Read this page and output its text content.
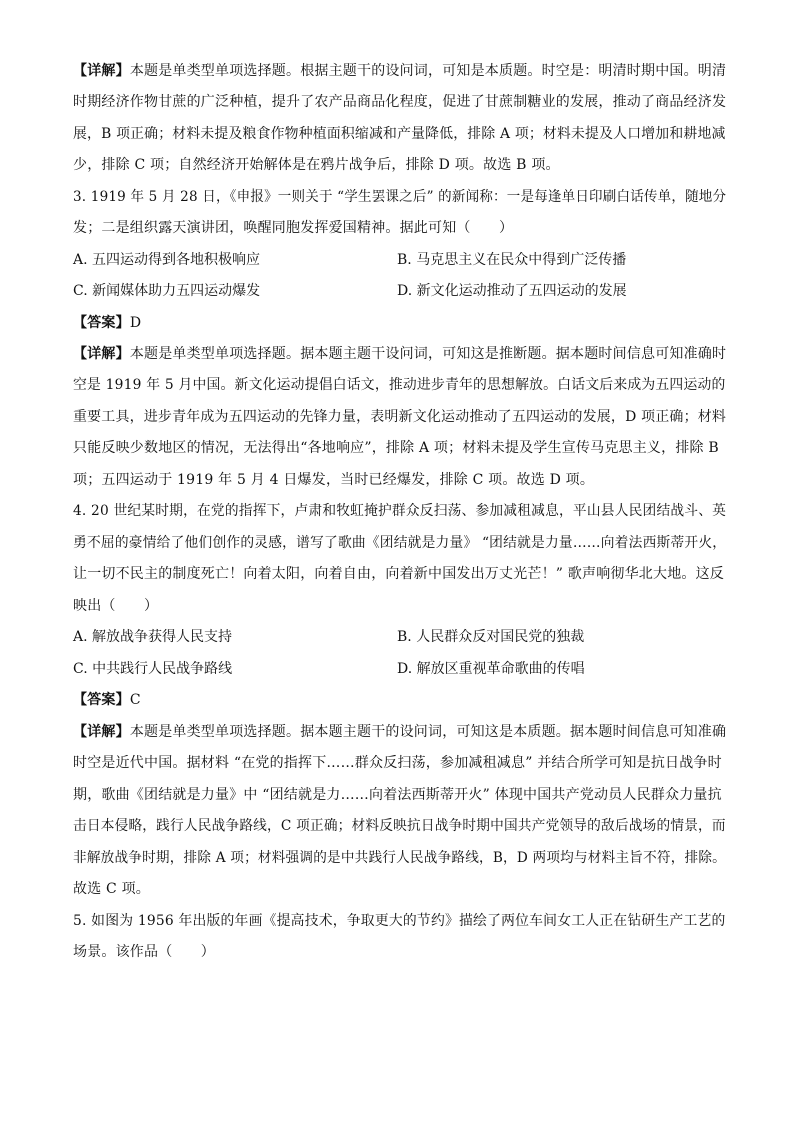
【详解】本题是单类型单项选择题。根据主题干的设问词，可知是本质题。时空是：明清时期中国。明清
时期经济作物甘蔗的广泛种植，提升了农产品商品化程度，促进了甘蔗制糖业的发展，推动了商品经济发
展，B 项正确；材料未提及粮食作物种植面积缩减和产量降低，排除 A 项；材料未提及人口增加和耕地减
少，排除 C 项；自然经济开始解体是在鸦片战争后，排除 D 项。故选 B 项。
3. 1919 年 5 月 28 日，《申报》一则关于 “学生罢课之后” 的新闻称：一是每逢单日印刷白话传单，随地分
发；二是组织露天演讲团，唤醒同胞发挥爱国精神。据此可知（　　）
A. 五四运动得到各地积极响应	B. 马克思主义在民众中得到广泛传播
C. 新闻媒体助力五四运动爆发	D. 新文化运动推动了五四运动的发展
【答案】D
【详解】本题是单类型单项选择题。据本题主题干设问词，可知这是推断题。据本题时间信息可知准确时
空是 1919 年 5 月中国。新文化运动提倡白话文，推动进步青年的思想解放。白话文后来成为五四运动的
重要工具，进步青年成为五四运动的先锋力量，表明新文化运动推动了五四运动的发展，D 项正确；材料
只能反映少数地区的情况，无法得出“各地响应”，排除 A 项；材料未提及学生宣传马克思主义，排除 B
项；五四运动于 1919 年 5 月 4 日爆发，当时已经爆发，排除 C 项。故选 D 项。
4. 20 世纪某时期，在党的指挥下，卢肃和牧虹掩护群众反扫荡、参加减租减息，平山县人民团结战斗、英
勇不屈的豪情给了他们创作的灵感，谱写了歌曲《团结就是力量》 “团结就是力量……向着法西斯蒂开火，
让一切不民主的制度死亡！向着太阳，向着自由，向着新中国发出万丈光芒！” 歌声响彻华北大地。这反
映出（　　）
A. 解放战争获得人民支持	B. 人民群众反对国民党的独裁
C. 中共践行人民战争路线	D. 解放区重视革命歌曲的传唱
【答案】C
【详解】本题是单类型单项选择题。据本题主题干的设问词，可知这是本质题。据本题时间信息可知准确
时空是近代中国。据材料 “在党的指挥下……群众反扫荡，参加减租减息” 并结合所学可知是抗日战争时
期，歌曲《团结就是力量》中 “团结就是力……向着法西斯蒂开火” 体现中国共产党动员人民群众力量抗
击日本侵略，践行人民战争路线，C 项正确；材料反映抗日战争时期中国共产党领导的敌后战场的情景，而
非解放战争时期，排除 A 项；材料强调的是中共践行人民战争路线，B，D 两项均与材料主旨不符，排除。
故选 C 项。
5. 如图为 1956 年出版的年画《提高技术，争取更大的节约》描绘了两位车间女工人正在钻研生产工艺的
场景。该作品（　　）
